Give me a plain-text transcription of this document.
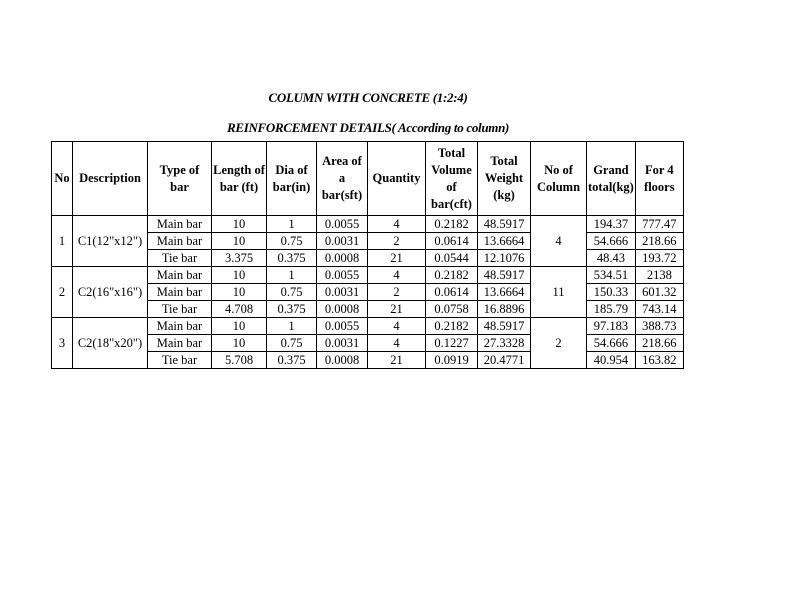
COLUMN WITH CONCRETE (1:2:4)
REINFORCEMENT DETAILS( According to column)
No	Description	Type of bar	Length of bar (ft)	Dia of bar(in)	Area of a bar(sft)	Quantity	Total Volume of bar(cft)	Total Weight (kg)	No of Column	Grand total(kg)	For 4 floors
1	C1(12"x12")	Main bar	10	1	0.0055	4	0.2182	48.5917	4	194.37	777.47
		Main bar	10	0.75	0.0031	2	0.0614	13.6664		54.666	218.66
		Tie bar	3.375	0.375	0.0008	21	0.0544	12.1076		48.43	193.72
2	C2(16"x16")	Main bar	10	1	0.0055	4	0.2182	48.5917	11	534.51	2138
		Main bar	10	0.75	0.0031	2	0.0614	13.6664		150.33	601.32
		Tie bar	4.708	0.375	0.0008	21	0.0758	16.8896		185.79	743.14
3	C2(18"x20")	Main bar	10	1	0.0055	4	0.2182	48.5917	2	97.183	388.73
		Main bar	10	0.75	0.0031	4	0.1227	27.3328		54.666	218.66
		Tie bar	5.708	0.375	0.0008	21	0.0919	20.4771		40.954	163.82
